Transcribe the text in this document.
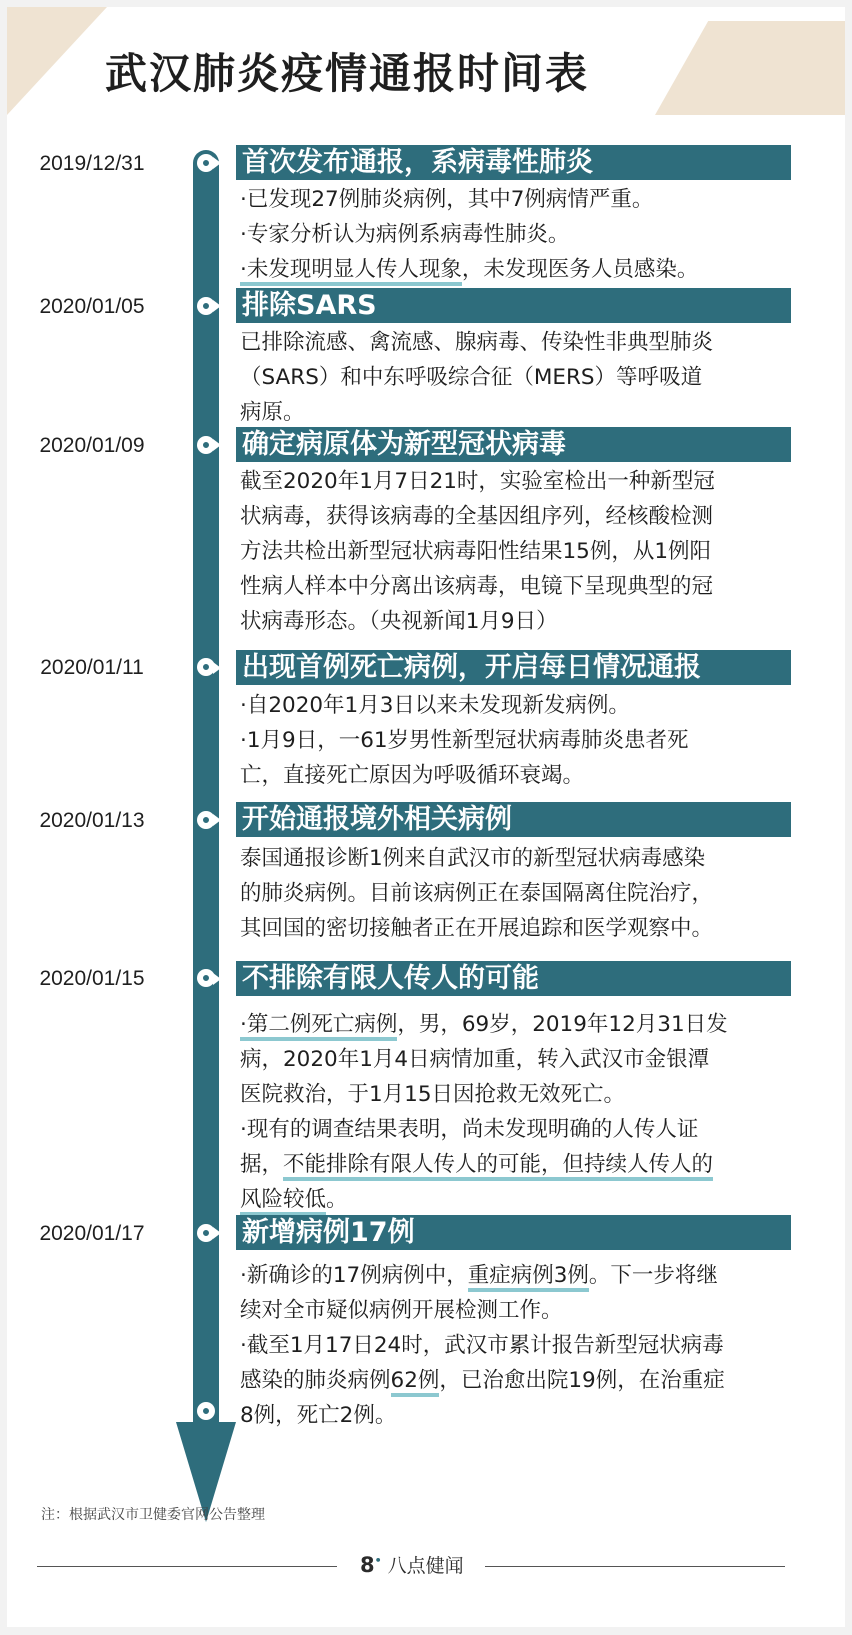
武汉肺炎疫情通报时间表
2019/12/31	首次发布通报，系病毒性肺炎

·已发现27例肺炎病例，其中7例病情严重。

·专家分析认为病例系病毒性肺炎。

·未发现明显人传人现象，未发现医务人员感染。

2020/01/05	排除SARS

已排除流感、禽流感、腺病毒、传染性非典型肺炎

（SARS）和中东呼吸综合征（MERS）等呼吸道

病原。

2020/01/09	确定病原体为新型冠状病毒

截至2020年1月7日21时，实验室检出一种新型冠

状病毒，获得该病毒的全基因组序列，经核酸检测

方法共检出新型冠状病毒阳性结果15例，从1例阳

性病人样本中分离出该病毒，电镜下呈现典型的冠

状病毒形态。（央视新闻1月9日）

2020/01/11	出现首例死亡病例，开启每日情况通报

·自2020年1月3日以来未发现新发病例。

·1月9日，一61岁男性新型冠状病毒肺炎患者死

亡，直接死亡原因为呼吸循环衰竭。

2020/01/13	开始通报境外相关病例

泰国通报诊断1例来自武汉市的新型冠状病毒感染

的肺炎病例。目前该病例正在泰国隔离住院治疗，

其回国的密切接触者正在开展追踪和医学观察中。

2020/01/15	不排除有限人传人的可能

·第二例死亡病例，男，69岁，2019年12月31日发

病，2020年1月4日病情加重，转入武汉市金银潭

医院救治，于1月15日因抢救无效死亡。

·现有的调查结果表明，尚未发现明确的人传人证

据，不能排除有限人传人的可能，但持续人传人的

风险较低。

2020/01/17	新增病例17例

·新确诊的17例病例中，重症病例3例。下一步将继

续对全市疑似病例开展检测工作。

·截至1月17日24时，武汉市累计报告新型冠状病毒

感染的肺炎病例62例，已治愈出院19例，在治重症

8例，死亡2例。

注：根据武汉市卫健委官网公告整理
8• 八点健闻
